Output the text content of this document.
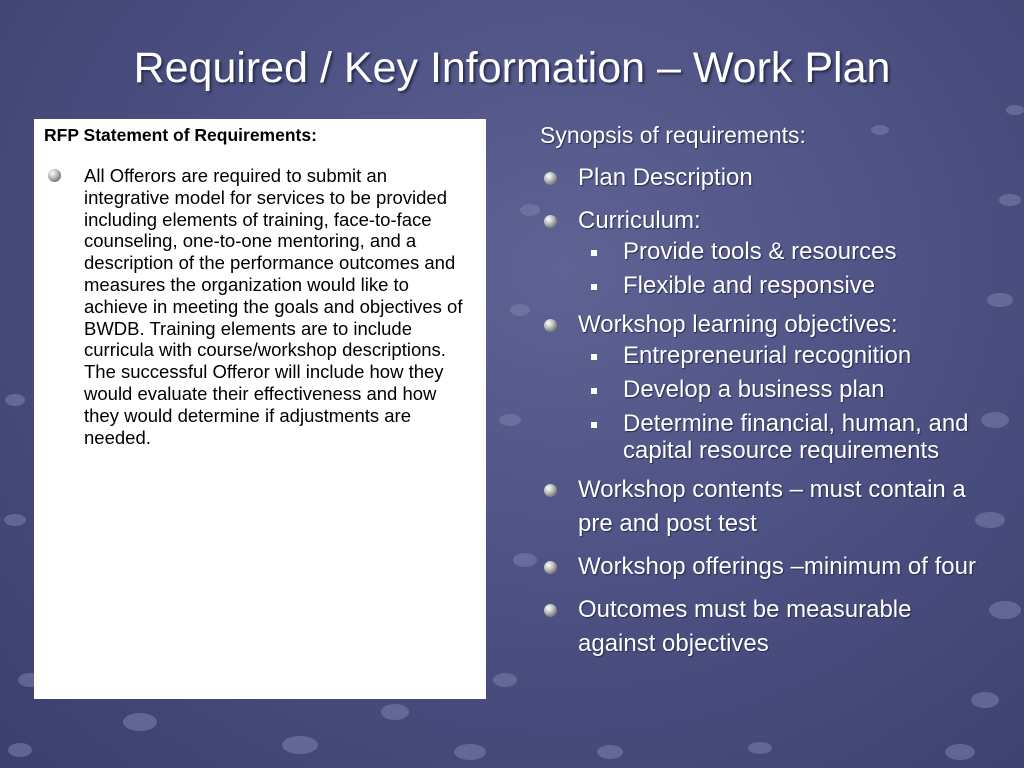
Required / Key Information – Work Plan
RFP Statement of Requirements:
All Offerors are required to submit an integrative model for services to be provided including elements of training, face-to-face counseling, one-to-one mentoring, and a description of the performance outcomes and measures the organization would like to achieve in meeting the goals and objectives of BWDB. Training elements are to include curricula with course/workshop descriptions. The successful Offeror will include how they would evaluate their effectiveness and how they would determine if adjustments are needed.
Synopsis of requirements:
Plan Description
Curriculum:
Provide tools & resources
Flexible and responsive
Workshop learning objectives:
Entrepreneurial recognition
Develop a business plan
Determine financial, human, and capital resource requirements
Workshop contents – must contain a pre and post test
Workshop offerings –minimum of four
Outcomes must be measurable against objectives
